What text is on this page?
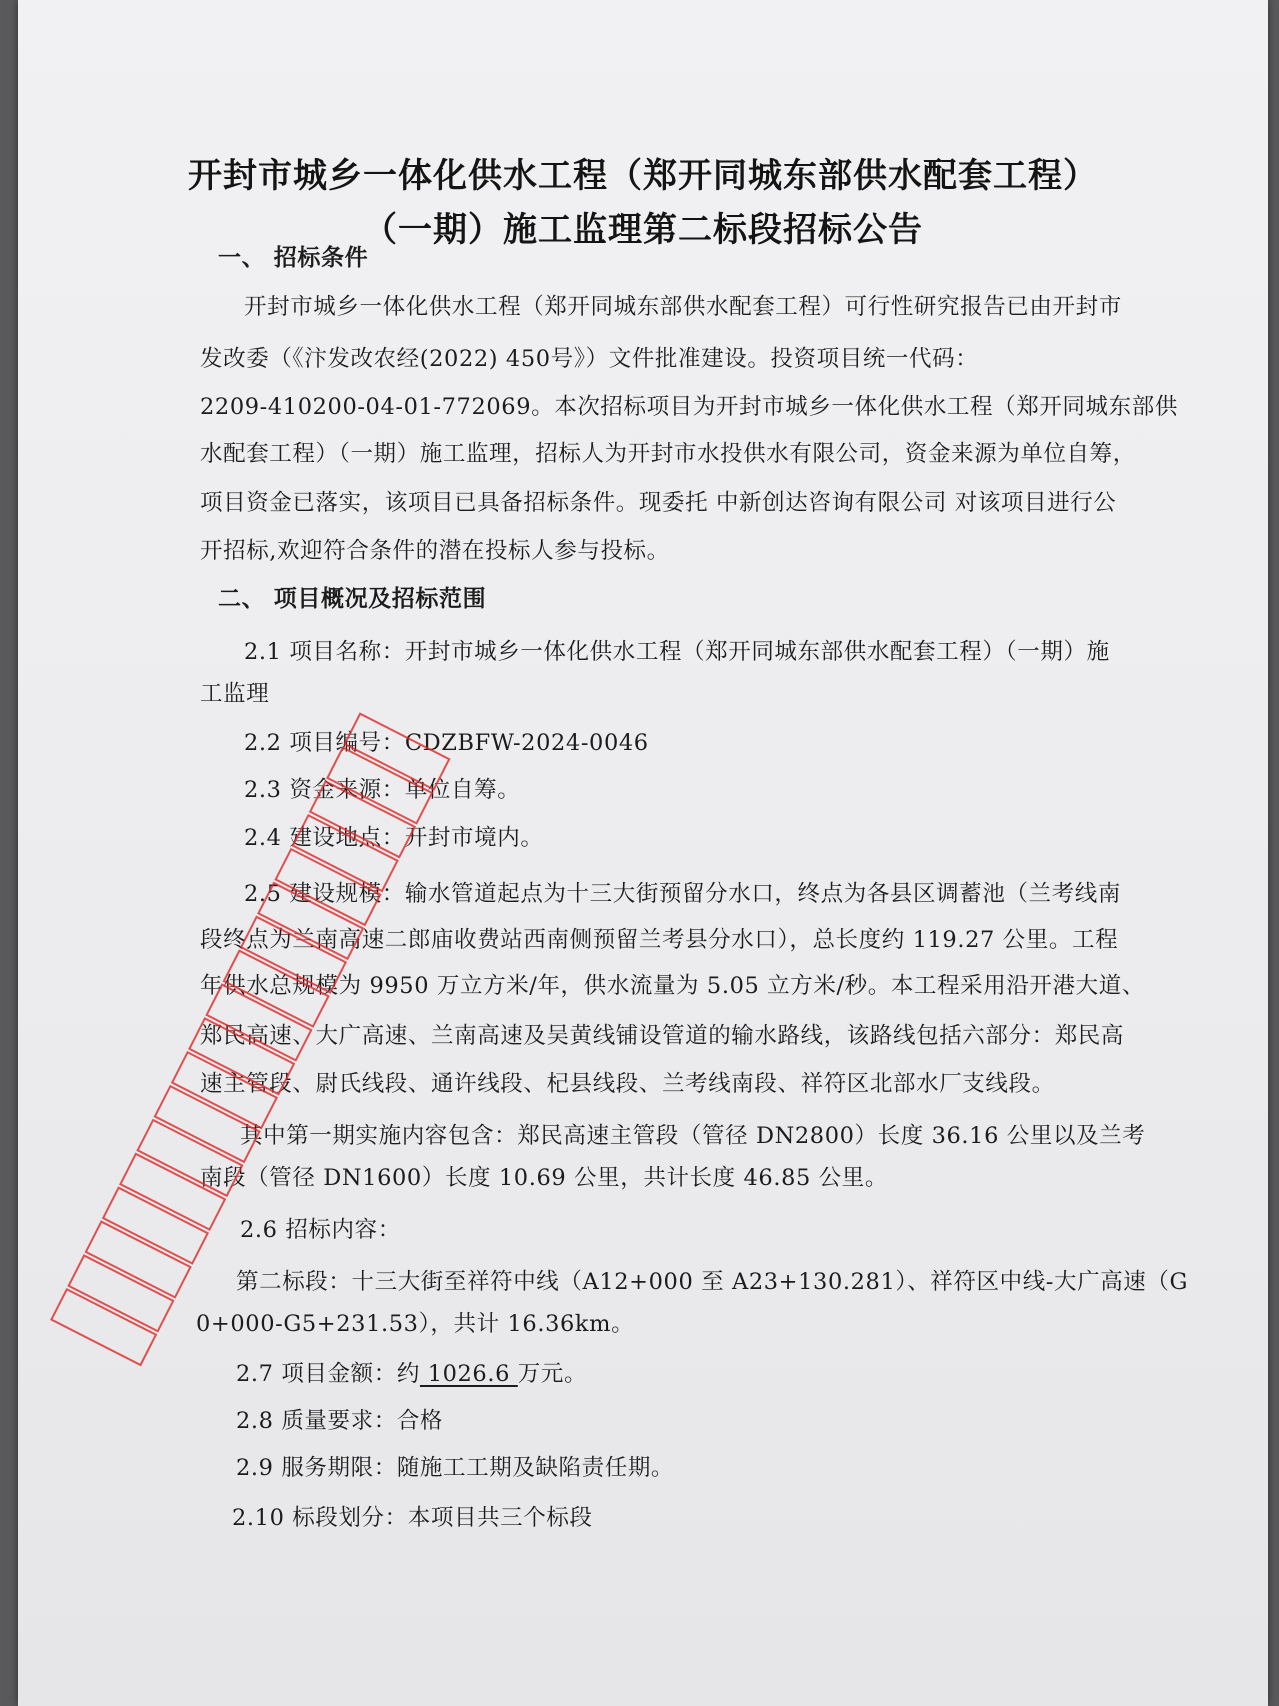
开封市城乡一体化供水工程（郑开同城东部供水配套工程）
（一期）施工监理第二标段招标公告
一、 招标条件
开封市城乡一体化供水工程（郑开同城东部供水配套工程）可行性研究报告已由开封市
发改委（《汴发改农经(2022) 450号》）文件批准建设。投资项目统一代码：
2209-410200-04-01-772069。本次招标项目为开封市城乡一体化供水工程（郑开同城东部供
水配套工程）（一期）施工监理，招标人为开封市水投供水有限公司，资金来源为单位自筹，
项目资金已落实，该项目已具备招标条件。现委托 中新创达咨询有限公司 对该项目进行公
开招标,欢迎符合条件的潜在投标人参与投标。
二、 项目概况及招标范围
2.1 项目名称：开封市城乡一体化供水工程（郑开同城东部供水配套工程）（一期）施
工监理
2.2 项目编号：CDZBFW-2024-0046
2.3 资金来源：单位自筹。
2.4 建设地点：开封市境内。
2.5 建设规模：输水管道起点为十三大街预留分水口，终点为各县区调蓄池（兰考线南
段终点为兰南高速二郎庙收费站西南侧预留兰考县分水口），总长度约 119.27 公里。工程
年供水总规模为 9950 万立方米/年，供水流量为 5.05 立方米/秒。本工程采用沿开港大道、
郑民高速、大广高速、兰南高速及吴黄线铺设管道的输水路线，该路线包括六部分：郑民高
速主管段、尉氏线段、通许线段、杞县线段、兰考线南段、祥符区北部水厂支线段。
其中第一期实施内容包含：郑民高速主管段（管径 DN2800）长度 36.16 公里以及兰考
南段（管径 DN1600）长度 10.69 公里，共计长度 46.85 公里。
2.6 招标内容：
第二标段：十三大街至祥符中线（A12+000 至 A23+130.281）、祥符区中线-大广高速（G
0+000-G5+231.53），共计 16.36km。
2.7 项目金额：约 1026.6 万元。
2.8 质量要求：合格
2.9 服务期限：随施工工期及缺陷责任期。
2.10 标段划分：本项目共三个标段
